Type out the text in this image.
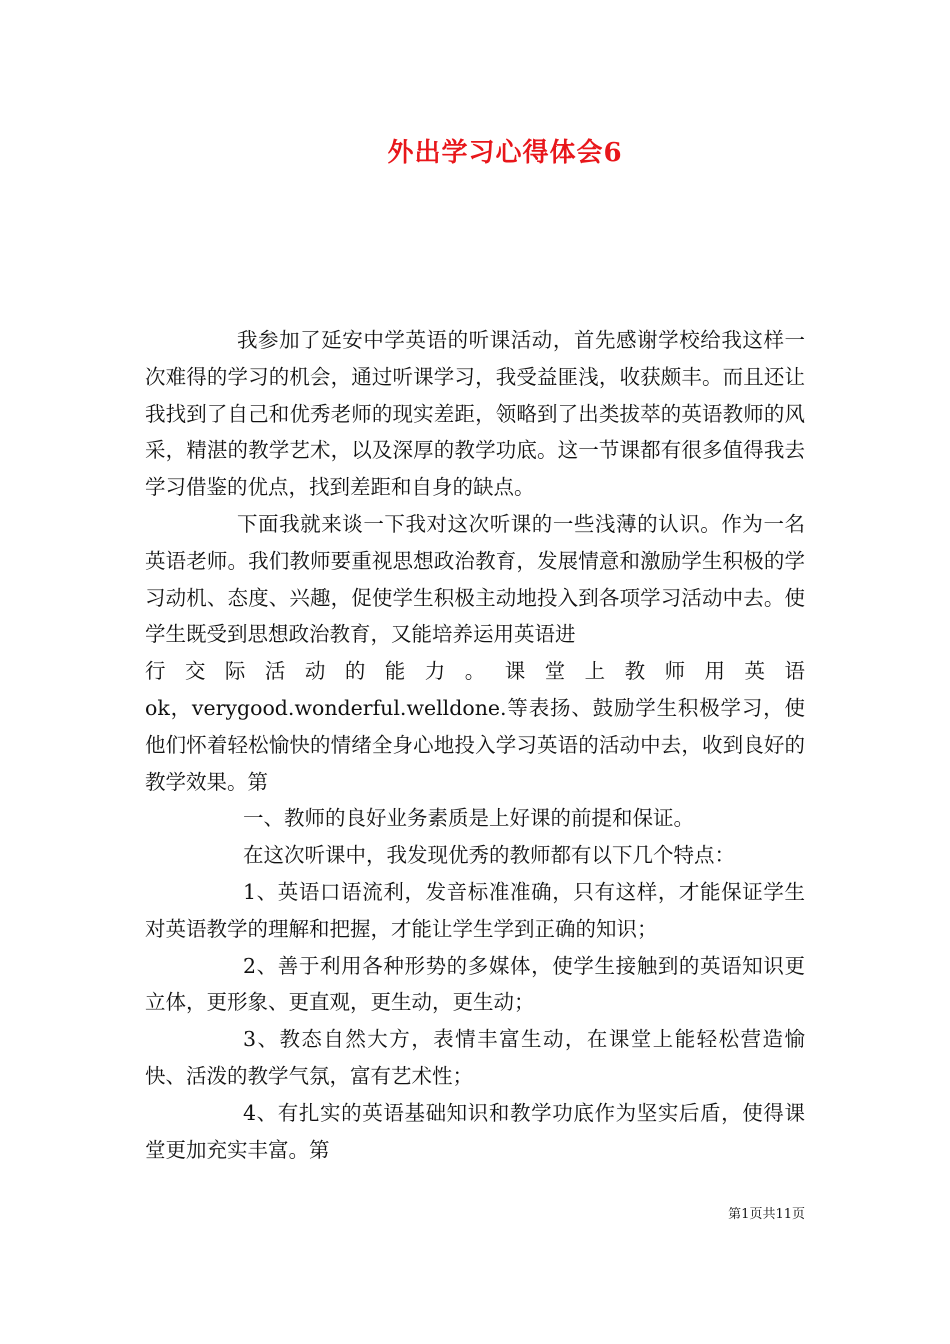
外出学习心得体会6

我参加了延安中学英语的听课活动，首先感谢学校给我这样一次难得的学习的机会，通过听课学习，我受益匪浅，收获颇丰。而且还让我找到了自己和优秀老师的现实差距，领略到了出类拔萃的英语教师的风采，精湛的教学艺术，以及深厚的教学功底。这一节课都有很多值得我去学习借鉴的优点，找到差距和自身的缺点。

下面我就来谈一下我对这次听课的一些浅薄的认识。作为一名英语老师。我们教师要重视思想政治教育，发展情意和激励学生积极的学习动机、态度、兴趣，促使学生积极主动地投入到各项学习活动中去。使学生既受到思想政治教育，又能培养运用英语进

行交际活动的能力。课堂上教师用英语

ok，verygood.wonderful.welldone.等表扬、鼓励学生积极学习，使他们怀着轻松愉快的情绪全身心地投入学习英语的活动中去，收到良好的教学效果。第

一、教师的良好业务素质是上好课的前提和保证。

在这次听课中，我发现优秀的教师都有以下几个特点：

1、英语口语流利，发音标准准确，只有这样，才能保证学生对英语教学的理解和把握，才能让学生学到正确的知识；

2、善于利用各种形势的多媒体，使学生接触到的英语知识更立体，更形象、更直观，更生动，更生动；

3、教态自然大方，表情丰富生动，在课堂上能轻松营造愉快、活泼的教学气氛，富有艺术性；

4、有扎实的英语基础知识和教学功底作为坚实后盾，使得课堂更加充实丰富。第

第1页共11页
